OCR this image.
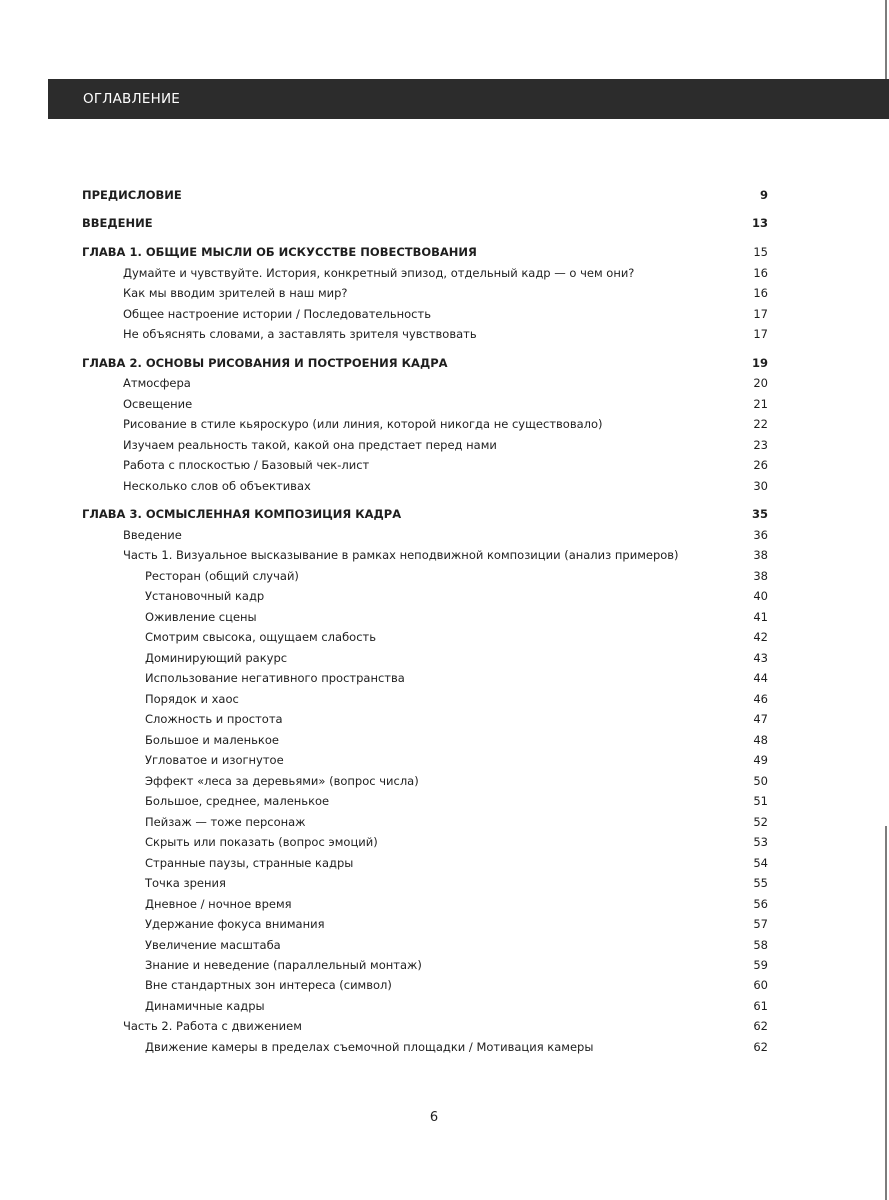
ОГЛАВЛЕНИЕ
ПРЕДИСЛОВИЕ	9
ВВЕДЕНИЕ	13
ГЛАВА 1. ОБЩИЕ МЫСЛИ ОБ ИСКУССТВЕ ПОВЕСТВОВАНИЯ	15
Думайте и чувствуйте. История, конкретный эпизод, отдельный кадр — о чем они?	16
Как мы вводим зрителей в наш мир?	16
Общее настроение истории / Последовательность	17
Не объяснять словами, а заставлять зрителя чувствовать	17
ГЛАВА 2. ОСНОВЫ РИСОВАНИЯ И ПОСТРОЕНИЯ КАДРА	19
Атмосфера	20
Освещение	21
Рисование в стиле кьяроскуро (или линия, которой никогда не существовало)	22
Изучаем реальность такой, какой она предстает перед нами	23
Работа с плоскостью / Базовый чек-лист	26
Несколько слов об объективах	30
ГЛАВА 3. ОСМЫСЛЕННАЯ КОМПОЗИЦИЯ КАДРА	35
Введение	36
Часть 1. Визуальное высказывание в рамках неподвижной композиции (анализ примеров)	38
Ресторан (общий случай)	38
Установочный кадр	40
Оживление сцены	41
Смотрим свысока, ощущаем слабость	42
Доминирующий ракурс	43
Использование негативного пространства	44
Порядок и хаос	46
Сложность и простота	47
Большое и маленькое	48
Угловатое и изогнутое	49
Эффект «леса за деревьями» (вопрос числа)	50
Большое, среднее, маленькое	51
Пейзаж — тоже персонаж	52
Скрыть или показать (вопрос эмоций)	53
Странные паузы, странные кадры	54
Точка зрения	55
Дневное / ночное время	56
Удержание фокуса внимания	57
Увеличение масштаба	58
Знание и неведение (параллельный монтаж)	59
Вне стандартных зон интереса (символ)	60
Динамичные кадры	61
Часть 2. Работа с движением	62
Движение камеры в пределах съемочной площадки / Мотивация камеры	62
6
